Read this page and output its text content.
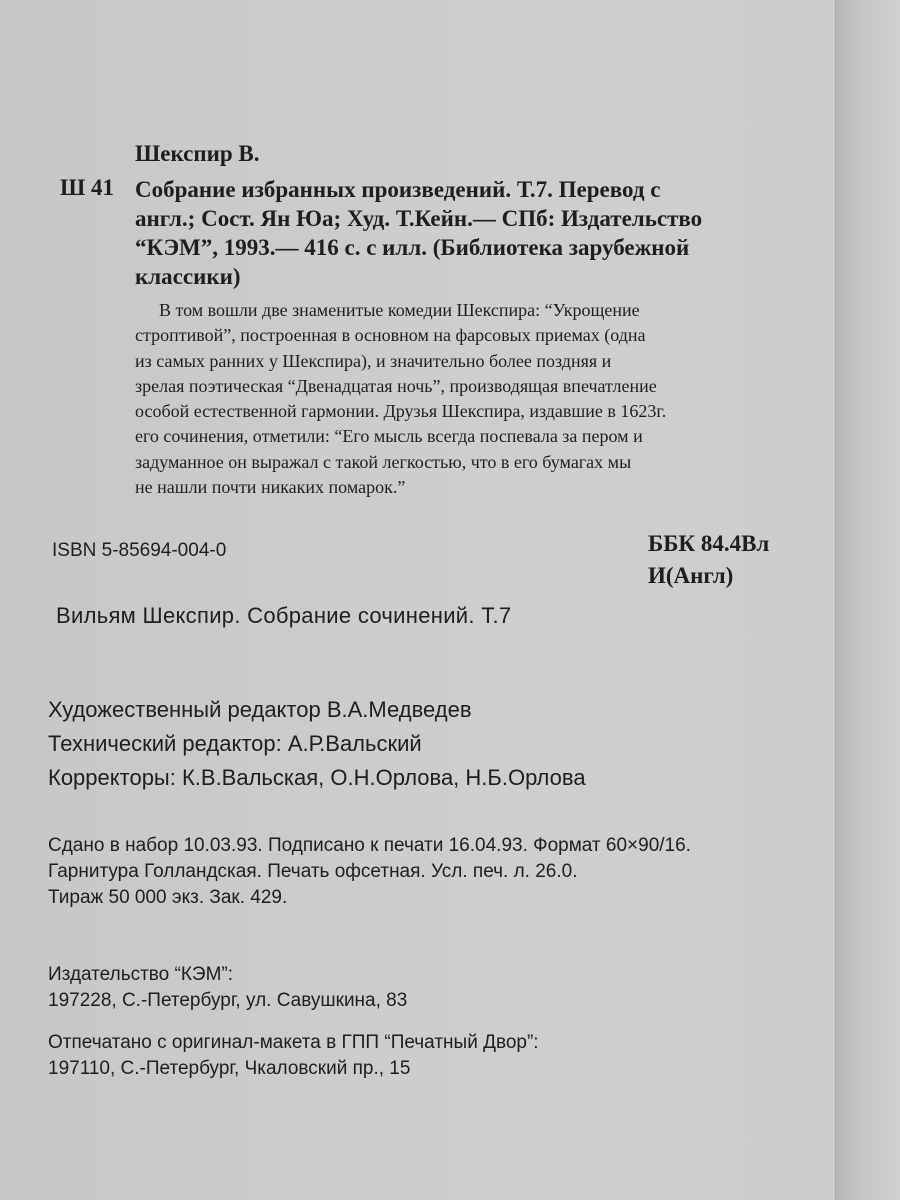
Шекспир В.
Ш 41 Собрание избранных произведений. Т.7. Перевод с
англ.; Сост. Ян Юа; Худ. Т.Кейн.— СПб: Издательство
“КЭМ”, 1993.— 416 с. с илл. (Библиотека зарубежной
классики)
В том вошли две знаменитые комедии Шекспира: “Укрощение
строптивой”, построенная в основном на фарсовых приемах (одна
из самых ранних у Шекспира), и значительно более поздняя и
зрелая поэтическая “Двенадцатая ночь”, производящая впечатление
особой естественной гармонии. Друзья Шекспира, издавшие в 1623г.
его сочинения, отметили: “Его мысль всегда поспевала за пером и
задуманное он выражал с такой легкостью, что в его бумагах мы
не нашли почти никаких помарок.”
ISBN 5-85694-004-0	ББК 84.4Вл
И(Англ)
Вильям Шекспир. Собрание сочинений. Т.7
Художественный редактор В.А.Медведев
Технический редактор: А.Р.Вальский
Корректоры: К.В.Вальская, О.Н.Орлова, Н.Б.Орлова
Сдано в набор 10.03.93. Подписано к печати 16.04.93. Формат 60×90/16.
Гарнитура Голландская. Печать офсетная. Усл. печ. л. 26.0.
Тираж 50 000 экз. Зак. 429.
Издательство “КЭМ”:
197228, С.-Петербург, ул. Савушкина, 83
Отпечатано с оригинал-макета в ГПП “Печатный Двор”:
197110, С.-Петербург, Чкаловский пр., 15
